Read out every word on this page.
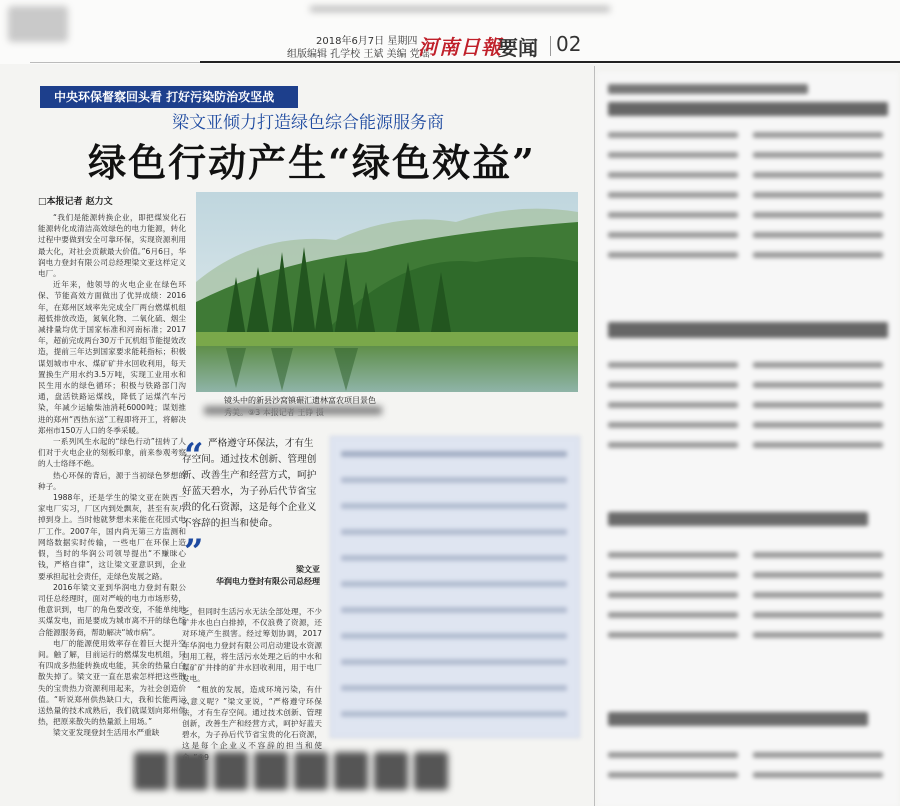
2018年6月7日 星期四
组版编辑 孔学校 王斌 美编 党瑶
河南日報
要闻 02
中央环保督察回头看 打好污染防治攻坚战
梁文亚倾力打造绿色综合能源服务商
绿色行动产生“绿色效益”
□本报记者 赵力文
镜头中的新县沙窝镇碾汇遗林富农项目景色

“我们是能源转换企业，即把煤炭化石能源转化成清洁高效绿色的电力能源，转化过程中要做到安全可靠环保，实现资源利用最大化，对社会贡献最大价值。”6月6日，华润电力登封有限公司总经理梁文亚这样定义电厂。

近年来，他领导的火电企业在绿色环保、节能高效方面做出了优异成绩：2016年，在郑州区域率先完成全厂两台燃煤机组超低排放改造，氮氧化物、二氧化硫、烟尘减排量均优于国家标准和河南标准；2017年，超前完成两台30万千瓦机组节能提效改造，提前三年达到国家要求能耗指标；积极谋划城市中水、煤矿矿井水回收利用，每天置换生产用水约3.5万吨，实现工业用水和民生用水的绿色循环；积极与铁路部门沟通，盘活铁路运煤线，降低了运煤汽车污染，年减少运输柴油消耗6000吨；谋划推进的郑州“西热东送”工程即将开工，将解决郑州市150万人口的冬季采暖。

一系列风生水起的“绿色行动”扭转了人们对于火电企业的刻板印象，前来参观考察的人士络绎不绝。

热心环保的背后，源于当初绿色梦想的种子。

1988年，还是学生的梁文亚在陕西一家电厂实习，厂区内到处飘灰，甚至有灰片掉到身上。当时他就梦想未来能在花园式电厂工作。2007年，国内尚无第三方监测和网络数据实时传输，一些电厂在环保上造假，当时的华润公司领导提出“不赚昧心钱，严格自律”，这让梁文亚意识到，企业要承担起社会责任，走绿色发展之路。

2016年梁文亚到华润电力登封有限公司任总经理时，面对严峻的电力市场形势，他意识到，电厂的角色要改变，不能单纯地买煤发电，而是要成为城市离不开的绿色综合能源服务商，帮助解决“城市病”。

电厂的能源使用效率存在着巨大提升空间。触了解，目前运行的燃煤发电机组，只有四成多热能转换成电能，其余的热量白白散失掉了。梁文亚一直在思索怎样把这些散失的宝贵热力资源利用起来，为社会创造价值。“听说郑州供热缺口大，我和长能两运送热量的技术成熟后，我们就谋划向郑州供热，把原来散失的热量派上用场。”

梁文亚发现登封生活用水严重缺

“ 严格遵守环保法，才有生存空间。通过技术创新、管理创新、改善生产和经营方式，呵护好蓝天碧水，为子孙后代节省宝贵的化石资源，这是每个企业义不容辞的担当和使命。
”	梁文亚
华润电力登封有限公司总经理

乏，但同时生活污水无法全部处理，不少矿井水也白白排掉，不仅浪费了资源，还对环境产生损害。经过筹划协调，2017年华润电力登封有限公司启动建设水资源回用工程，将生活污水处理之后的中水和煤矿矿井排的矿井水回收利用，用于电厂发电。

“粗放的发展，造成环境污染，有什么意义呢？”梁文亚说，“严格遵守环保法，才有生存空间。通过技术创新、管理创新，改善生产和经营方式，呵护好蓝天碧水，为子孙后代节省宝贵的化石资源，这是每个企业义不容辞的担当和使
